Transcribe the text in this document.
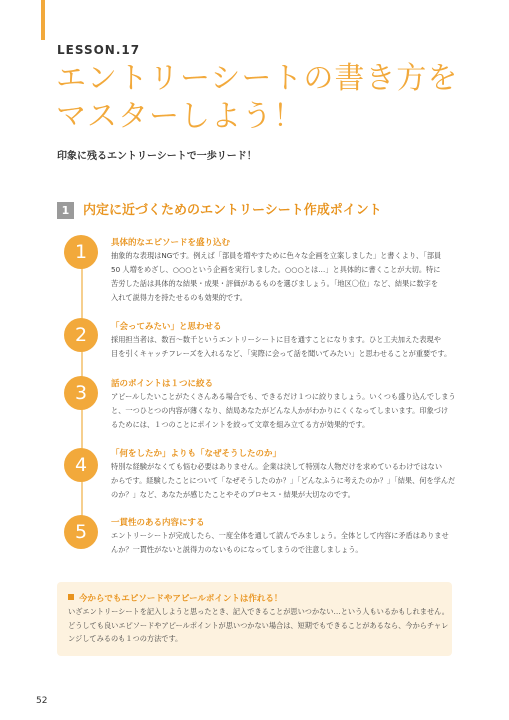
LESSON.17
エントリーシートの書き方を
マスターしよう！
印象に残るエントリーシートで一歩リード！
1	内定に近づくためのエントリーシート作成ポイント
1	具体的なエピソードを盛り込む
抽象的な表現はNGです。例えば「部員を増やすために色々な企画を立案しました」と書くより、「部員
50 人増をめざし、○○○という企画を実行しました。○○○とは…」と具体的に書くことが大切。特に
苦労した話は具体的な結果・成果・評価があるものを選びましょう。「地区〇位」など、結果に数字を
入れて説得力を持たせるのも効果的です。
2	「会ってみたい」と思わせる
採用担当者は、数百〜数千というエントリーシートに目を通すことになります。ひと工夫加えた表現や
目を引くキャッチフレーズを入れるなど、「実際に会って話を聞いてみたい」と思わせることが重要です。
3	話のポイントは１つに絞る
アピールしたいことがたくさんある場合でも、できるだけ１つに絞りましょう。いくつも盛り込んでしまう
と、一つひとつの内容が薄くなり、結局あなたがどんな人かがわかりにくくなってしまいます。印象づけ
るためには、１つのことにポイントを絞って文章を組み立てる方が効果的です。
4	「何をしたか」よりも「なぜそうしたのか」
特別な経験がなくても悩む必要はありません。企業は決して特別な人物だけを求めているわけではない
からです。経験したことについて「なぜそうしたのか？」「どんなふうに考えたのか？」「結果、何を学んだ
のか？」など、あなたが感じたことやそのプロセス・結果が大切なのです。
5	一貫性のある内容にする
エントリーシートが完成したら、一度全体を通して読んでみましょう。全体として内容に矛盾はありませ
んか？一貫性がないと説得力のないものになってしまうので注意しましょう。
今からでもエピソードやアピールポイントは作れる！
いざエントリーシートを記入しようと思ったとき、記入できることが思いつかない…という人もいるかもしれません。
どうしても良いエピソードやアピールポイントが思いつかない場合は、短期でもできることがあるなら、今からチャレ
ンジしてみるのも１つの方法です。
52
